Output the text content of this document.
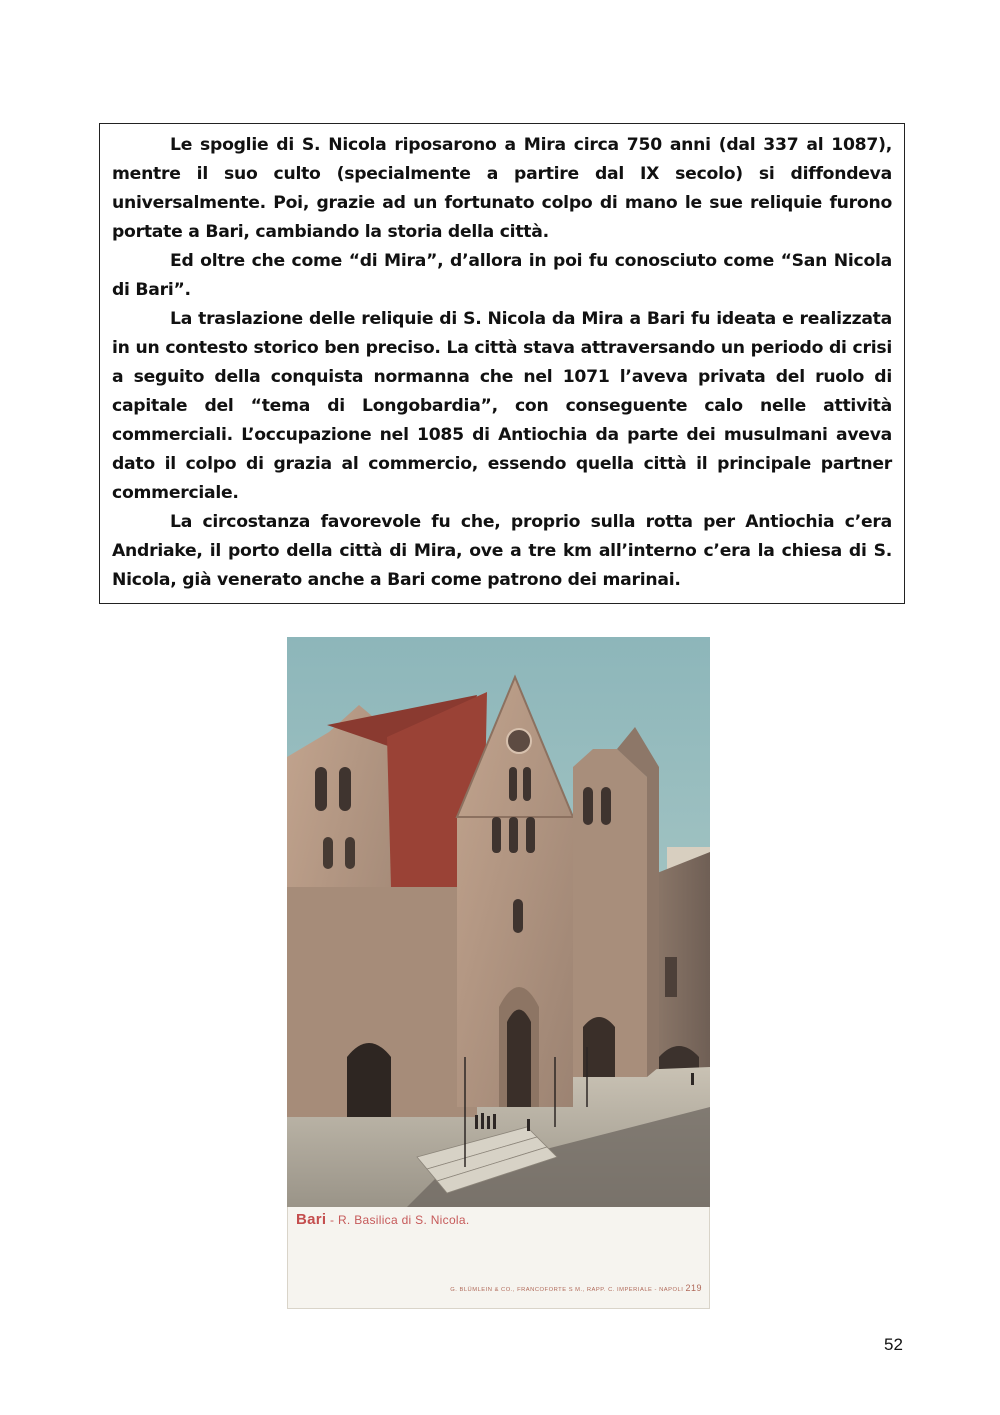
Le spoglie di S. Nicola riposarono a Mira circa 750 anni (dal 337 al 1087), mentre il suo culto (specialmente a partire dal IX secolo) si diffondeva universalmente. Poi, grazie ad un fortunato colpo di mano le sue reliquie furono portate a Bari, cambiando la storia della città.

Ed oltre che come “di Mira”, d’allora in poi fu conosciuto come “San Nicola di Bari”.

La traslazione delle reliquie di S. Nicola da Mira a Bari fu ideata e realizzata in un contesto storico ben preciso. La città stava attraversando un periodo di crisi a seguito della conquista normanna che nel 1071 l’aveva privata del ruolo di capitale del “tema di Longobardia”, con conseguente calo nelle attività commerciali. L’occupazione nel 1085 di Antiochia da parte dei musulmani aveva dato il colpo di grazia al commercio, essendo quella città il principale partner commerciale.

La circostanza favorevole fu che, proprio sulla rotta per Antiochia c’era Andriake, il porto della città di Mira, ove a tre km all’interno c’era la chiesa di S. Nicola, già venerato anche a Bari come patrono dei marinai.

Bari - R. Basilica di S. Nicola.
G. BLÜMLEIN & CO., FRANCOFORTE S M., RAPP. C. IMPERIALE - NAPOLI 219
52
